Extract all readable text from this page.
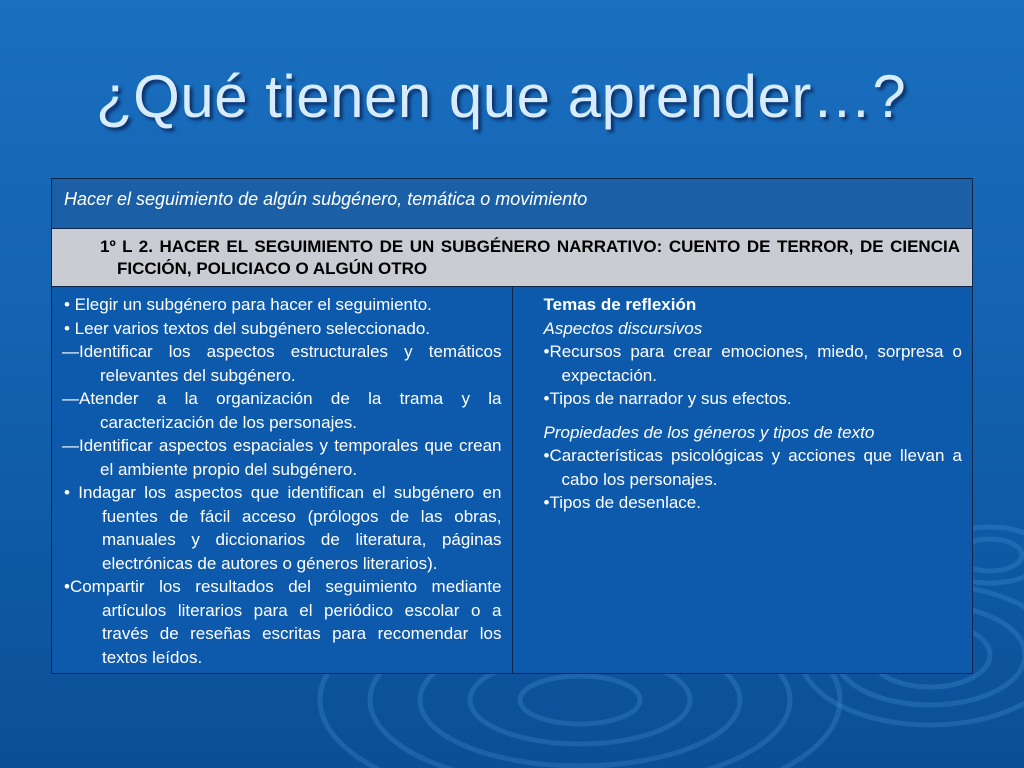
¿Qué tienen que aprender…?
Hacer el seguimiento de algún subgénero, temática o movimiento

1º L 2. HACER EL SEGUIMIENTO DE UN SUBGÉNERO NARRATIVO: CUENTO DE TERROR, DE CIENCIA FICCIÓN, POLICIACO O ALGÚN OTRO

• Elegir un subgénero para hacer el seguimiento.

• Leer varios textos del subgénero seleccionado.

—Identificar los aspectos estructurales y temáticos relevantes del subgénero.

—Atender a la organización de la trama y la caracterización de los personajes.

—Identificar aspectos espaciales y temporales que crean el ambiente propio del subgénero.

• Indagar los aspectos que identifican el subgénero en fuentes de fácil acceso (prólogos de las obras, manuales y diccionarios de literatura, páginas electrónicas de autores o géneros literarios).

•Compartir los resultados del seguimiento mediante artículos literarios para el periódico escolar o a través de reseñas escritas para recomendar los textos leídos.

Temas de reflexión

Aspectos discursivos

•Recursos para crear emociones, miedo, sorpresa o expectación.

•Tipos de narrador y sus efectos.

Propiedades de los géneros y tipos de texto

•Características psicológicas y acciones que llevan a cabo los personajes.

•Tipos de desenlace.
